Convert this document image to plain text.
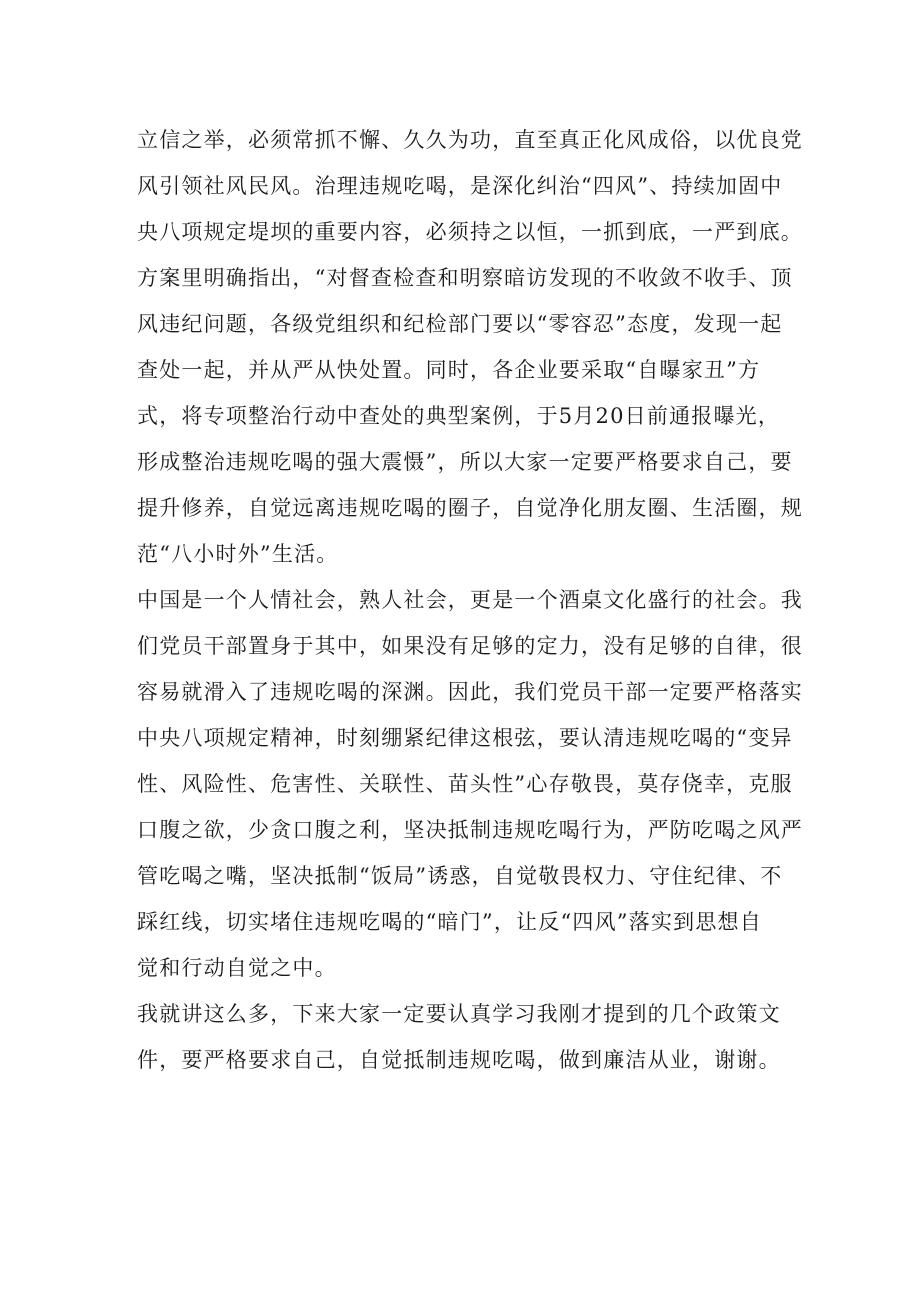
立信之举，必须常抓不懈、久久为功，直至真正化风成俗，以优良党
风引领社风民风。治理违规吃喝，是深化纠治“四风”、持续加固中
央八项规定堤坝的重要内容，必须持之以恒，一抓到底，一严到底。
方案里明确指出，“对督查检查和明察暗访发现的不收敛不收手、顶
风违纪问题，各级党组织和纪检部门要以“零容忍”态度，发现一起
查处一起，并从严从快处置。同时，各企业要采取“自曝家丑”方
式，将专项整治行动中查处的典型案例，于5月20日前通报曝光，
形成整治违规吃喝的强大震慑”，所以大家一定要严格要求自己，要
提升修养，自觉远离违规吃喝的圈子，自觉净化朋友圈、生活圈，规
范“八小时外”生活。
中国是一个人情社会，熟人社会，更是一个酒桌文化盛行的社会。我
们党员干部置身于其中，如果没有足够的定力，没有足够的自律，很
容易就滑入了违规吃喝的深渊。因此，我们党员干部一定要严格落实
中央八项规定精神，时刻绷紧纪律这根弦，要认清违规吃喝的“变异
性、风险性、危害性、关联性、苗头性”心存敬畏，莫存侥幸，克服
口腹之欲，少贪口腹之利，坚决抵制违规吃喝行为，严防吃喝之风严
管吃喝之嘴，坚决抵制“饭局”诱惑，自觉敬畏权力、守住纪律、不
踩红线，切实堵住违规吃喝的“暗门”，让反“四风”落实到思想自
觉和行动自觉之中。
我就讲这么多，下来大家一定要认真学习我刚才提到的几个政策文
件，要严格要求自己，自觉抵制违规吃喝，做到廉洁从业，谢谢。
